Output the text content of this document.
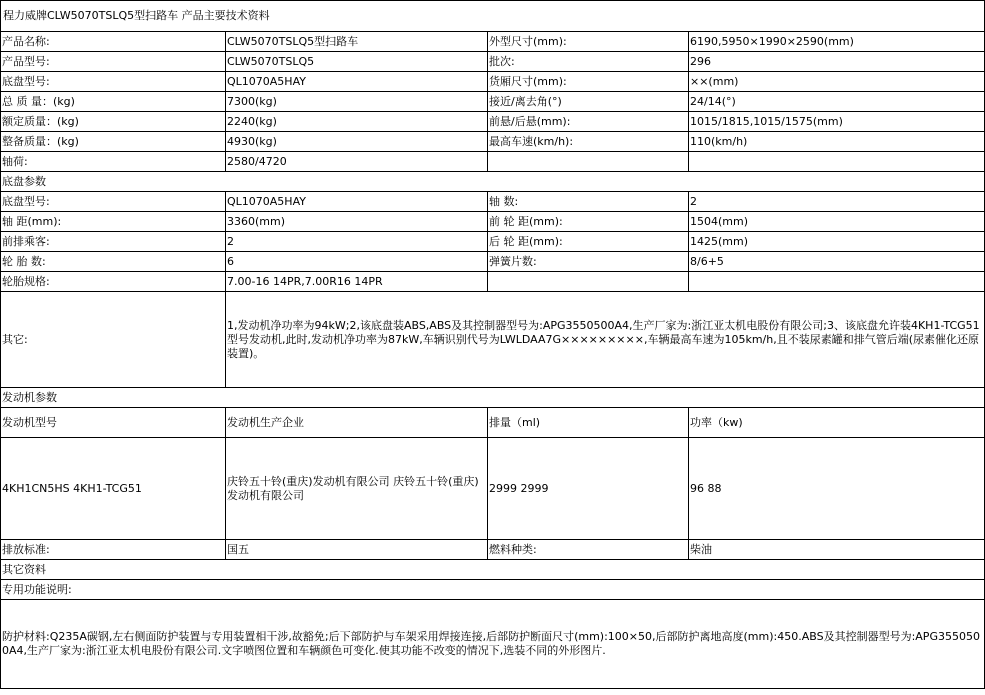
程力威牌CLW5070TSLQ5型扫路车 产品主要技术资料			
产品名称:	CLW5070TSLQ5型扫路车	外型尺寸(mm):	6190,5950×1990×2590(mm)
产品型号:	CLW5070TSLQ5	批次:	296
底盘型号:	QL1070A5HAY	货厢尺寸(mm):	××(mm)
总 质 量：(kg)	7300(kg)	接近/离去角(°)	24/14(°)
额定质量：(kg)	2240(kg)	前悬/后悬(mm):	1015/1815,1015/1575(mm)
整备质量：(kg)	4930(kg)	最高车速(km/h):	110(km/h)
轴荷:	2580/4720		
底盘参数			
底盘型号:	QL1070A5HAY	轴 数:	2
轴 距(mm):	3360(mm)	前 轮 距(mm):	1504(mm)
前排乘客:	2	后 轮 距(mm):	1425(mm)
轮 胎 数:	6	弹簧片数:	8/6+5
轮胎规格:	7.00-16 14PR,7.00R16 14PR		
其它:	1,发动机净功率为94kW;2,该底盘装ABS,ABS及其控制器型号为:APG3550500A4,生产厂家为:浙江亚太机电股份有限公司;3、该底盘允许装4KH1-TCG51型号发动机,此时,发动机净功率为87kW,车辆识别代号为LWLDAA7G×××××××××,车辆最高车速为105km/h,且不装尿素罐和排气管后端(尿素催化还原装置)。		
发动机参数			
发动机型号	发动机生产企业	排量（ml)	功率（kw)
4KH1CN5HS 4KH1-TCG51	庆铃五十铃(重庆)发动机有限公司 庆铃五十铃(重庆)发动机有限公司	2999 2999	96 88
排放标准:	国五	燃料种类:	柴油
其它资料			
专用功能说明:			
防护材料:Q235A碳钢,左右侧面防护装置与专用装置相干涉,故豁免;后下部防护与车架采用焊接连接,后部防护断面尺寸(mm):100×50,后部防护离地高度(mm):450.ABS及其控制器型号为:APG3550500A4,生产厂家为:浙江亚太机电股份有限公司.文字喷图位置和车辆颜色可变化.使其功能不改变的情况下,选装不同的外形图片.			
